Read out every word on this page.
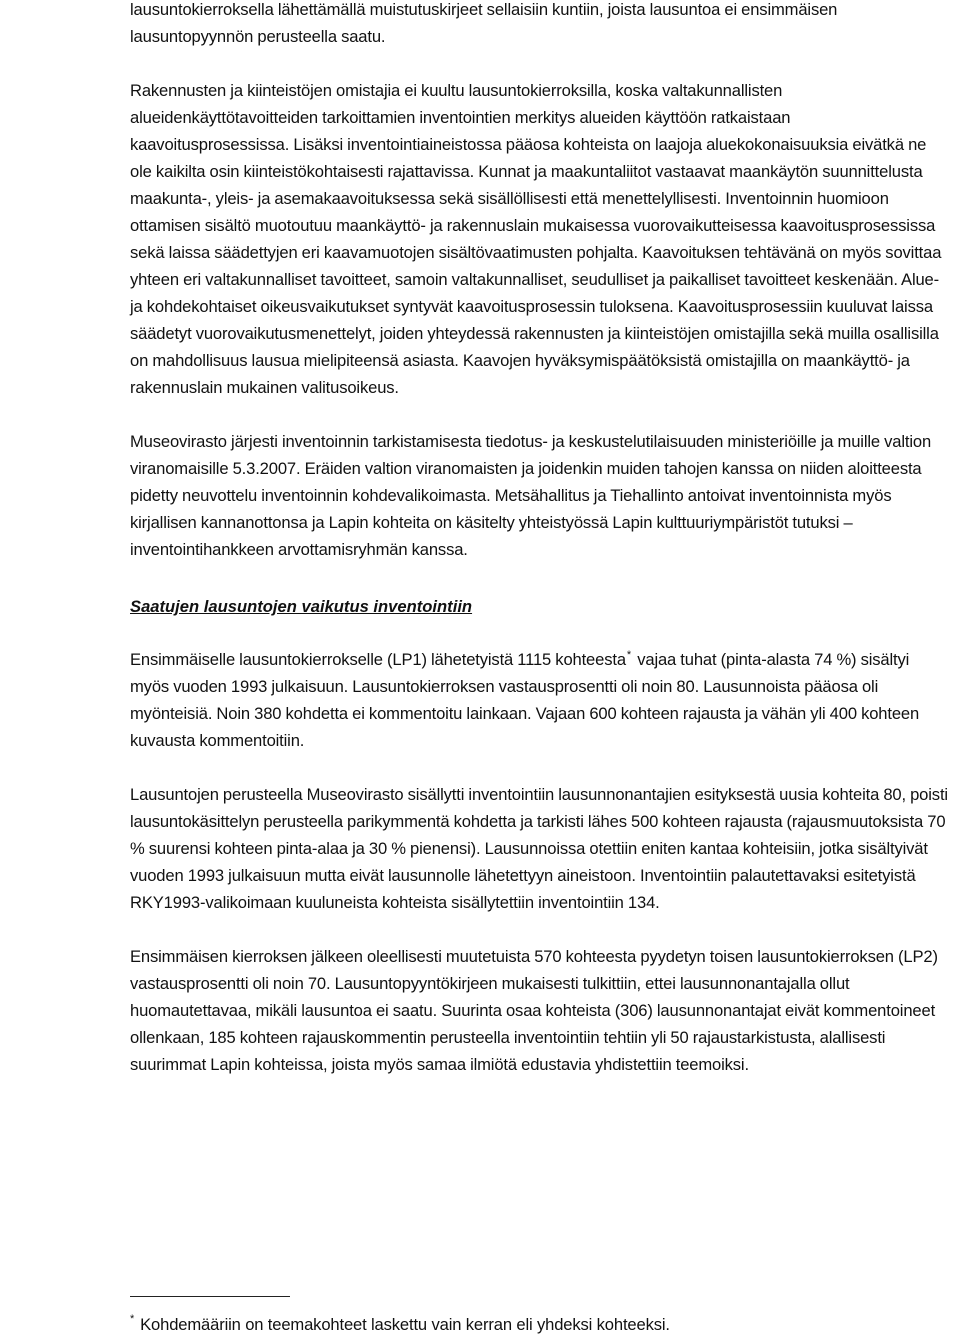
lausuntokierroksella lähettämällä muistutuskirjeet sellaisiin kuntiin, joista lausuntoa ei ensimmäisen lausuntopyynnön perusteella saatu.

Rakennusten ja kiinteistöjen omistajia ei kuultu lausuntokierroksilla, koska valtakunnallisten alueidenkäyttötavoitteiden tarkoittamien inventointien merkitys alueiden käyttöön ratkaistaan kaavoitusprosessissa. Lisäksi inventointiaineistossa pääosa kohteista on laajoja aluekokonaisuuksia eivätkä ne ole kaikilta osin kiinteistökohtaisesti rajattavissa. Kunnat ja maakuntaliitot vastaavat maankäytön suunnittelusta maakunta-, yleis- ja asemakaavoituksessa sekä sisällöllisesti että menettelyllisesti. Inventoinnin huomioon ottamisen sisältö muotoutuu maankäyttö- ja rakennuslain mukaisessa vuorovaikutteisessa kaavoitusprosessissa sekä laissa säädettyjen eri kaavamuotojen sisältövaatimusten pohjalta. Kaavoituksen tehtävänä on myös sovittaa yhteen eri valtakunnalliset tavoitteet, samoin valtakunnalliset, seudulliset ja paikalliset tavoitteet keskenään. Alue- ja kohdekohtaiset oikeusvaikutukset syntyvät kaavoitusprosessin tuloksena. Kaavoitusprosessiin kuuluvat laissa säädetyt vuorovaikutusmenettelyt, joiden yhteydessä rakennusten ja kiinteistöjen omistajilla sekä muilla osallisilla on mahdollisuus lausua mielipiteensä asiasta. Kaavojen hyväksymispäätöksistä omistajilla on maankäyttö- ja rakennuslain mukainen valitusoikeus.

Museovirasto järjesti inventoinnin tarkistamisesta tiedotus- ja keskustelutilaisuuden ministeriöille ja muille valtion viranomaisille 5.3.2007. Eräiden valtion viranomaisten ja joidenkin muiden tahojen kanssa on niiden aloitteesta pidetty neuvottelu inventoinnin kohdevalikoimasta. Metsähallitus ja Tiehallinto antoivat inventoinnista myös kirjallisen kannanottonsa ja Lapin kohteita on käsitelty yhteistyössä Lapin kulttuuriympäristöt tutuksi –inventointihankkeen arvottamisryhmän kanssa.

Saatujen lausuntojen vaikutus inventointiin

Ensimmäiselle lausuntokierrokselle (LP1) lähetetyistä 1115 kohteesta* vajaa tuhat (pinta-alasta 74 %) sisältyi myös vuoden 1993 julkaisuun. Lausuntokierroksen vastausprosentti oli noin 80. Lausunnoista pääosa oli myönteisiä. Noin 380 kohdetta ei kommentoitu lainkaan. Vajaan 600 kohteen rajausta ja vähän yli 400 kohteen kuvausta kommentoitiin.

Lausuntojen perusteella Museovirasto sisällytti inventointiin lausunnonantajien esityksestä uusia kohteita 80, poisti lausuntokäsittelyn perusteella parikymmentä kohdetta ja tarkisti lähes 500 kohteen rajausta (rajausmuutoksista 70 % suurensi kohteen pinta-alaa ja 30 % pienensi). Lausunnoissa otettiin eniten kantaa kohteisiin, jotka sisältyivät vuoden 1993 julkaisuun mutta eivät lausunnolle lähetettyyn aineistoon. Inventointiin palautettavaksi esitetyistä RKY1993-valikoimaan kuuluneista kohteista sisällytettiin inventointiin 134.

Ensimmäisen kierroksen jälkeen oleellisesti muutetuista 570 kohteesta pyydetyn toisen lausuntokierroksen (LP2) vastausprosentti oli noin 70. Lausuntopyyntökirjeen mukaisesti tulkittiin, ettei lausunnonantajalla ollut huomautettavaa, mikäli lausuntoa ei saatu. Suurinta osaa kohteista (306) lausunnonantajat eivät kommentoineet ollenkaan, 185 kohteen rajauskommentin perusteella inventointiin tehtiin yli 50 rajaustarkistusta, alallisesti suurimmat Lapin kohteissa, joista myös samaa ilmiötä edustavia yhdistettiin teemoiksi.

* Kohdemääriin on teemakohteet laskettu vain kerran eli yhdeksi kohteeksi.
